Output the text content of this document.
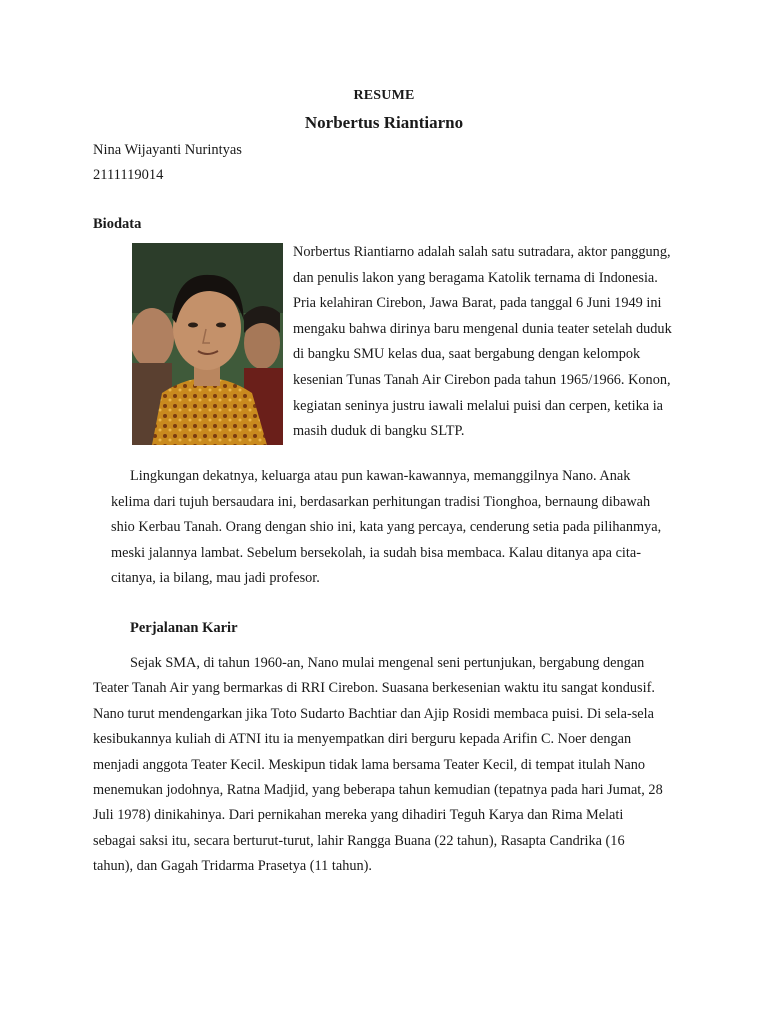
RESUME
Norbertus Riantiarno
Nina Wijayanti Nurintyas
2111119014
Biodata

Norbertus Riantiarno adalah salah satu sutradara, aktor panggung, dan penulis lakon yang beragama Katolik ternama di Indonesia. Pria kelahiran Cirebon, Jawa Barat, pada tanggal 6 Juni 1949 ini mengaku bahwa dirinya baru mengenal dunia teater setelah duduk di bangku SMU kelas dua, saat bergabung dengan kelompok kesenian Tunas Tanah Air Cirebon pada tahun 1965/1966. Konon, kegiatan seninya justru iawali melalui puisi dan cerpen, ketika ia masih duduk di bangku SLTP.

Lingkungan dekatnya, keluarga atau pun kawan-kawannya, memanggilnya Nano. Anak kelima dari tujuh bersaudara ini, berdasarkan perhitungan tradisi Tionghoa, bernaung dibawah shio Kerbau Tanah. Orang dengan shio ini, kata yang percaya, cenderung setia pada pilihanmya, meski jalannya lambat. Sebelum bersekolah, ia sudah bisa membaca. Kalau ditanya apa cita-citanya, ia bilang, mau jadi profesor.

Perjalanan Karir

Sejak SMA, di tahun 1960-an, Nano mulai mengenal seni pertunjukan, bergabung dengan Teater Tanah Air yang bermarkas di RRI Cirebon. Suasana berkesenian waktu itu sangat kondusif. Nano turut mendengarkan jika Toto Sudarto Bachtiar dan Ajip Rosidi membaca puisi. Di sela-sela kesibukannya kuliah di ATNI itu ia menyempatkan diri berguru kepada Arifin C. Noer dengan menjadi anggota Teater Kecil. Meskipun tidak lama bersama Teater Kecil, di tempat itulah Nano menemukan jodohnya, Ratna Madjid, yang beberapa tahun kemudian (tepatnya pada hari Jumat, 28 Juli 1978) dinikahinya. Dari pernikahan mereka yang dihadiri Teguh Karya dan Rima Melati sebagai saksi itu, secara berturut-turut, lahir Rangga Buana (22 tahun), Rasapta Candrika (16 tahun), dan Gagah Tridarma Prasetya (11 tahun).
